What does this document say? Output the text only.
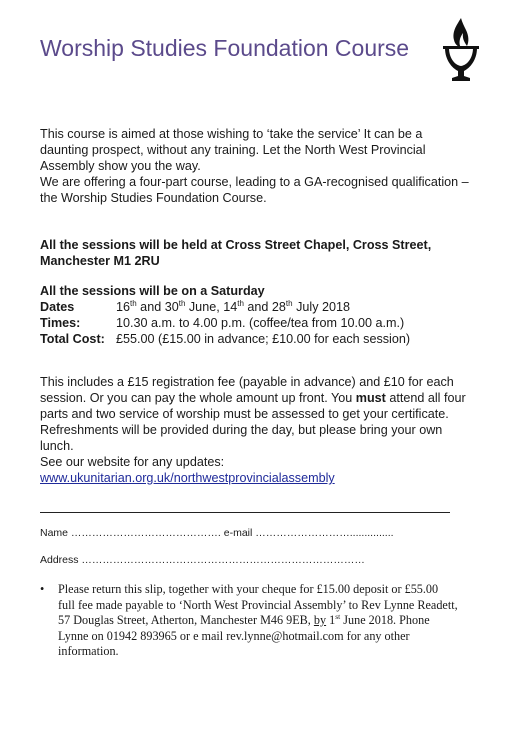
Worship Studies Foundation Course
This course is aimed at those wishing to ‘take the service’ It can be a daunting prospect, without any training. Let the North West Provincial Assembly show you the way.
We are offering a four-part course, leading to a GA-recognised qualification – the Worship Studies Foundation Course.
All the sessions will be held at Cross Street Chapel, Cross Street, Manchester M1 2RU
All the sessions will be on a Saturday
Dates	16th and 30th June, 14th and 28th July 2018
Times:	10.30 a.m. to 4.00 p.m. (coffee/tea from 10.00 a.m.)
Total Cost: £55.00 (£15.00 in advance; £10.00 for each session)
This includes a £15 registration fee (payable in advance) and £10 for each session. Or you can pay the whole amount up front. You must attend all four parts and two service of worship must be assessed to get your certificate. Refreshments will be provided during the day, but please bring your own lunch.
See our website for any updates:
www.ukunitarian.org.uk/northwestprovincialassembly
Name ……………………………………. e-mail ………………………...............
Address ………………………………………………………………………
• Please return this slip, together with your cheque for £15.00 deposit or £55.00 full fee made payable to ‘North West Provincial Assembly’ to Rev Lynne Readett, 57 Douglas Street, Atherton, Manchester M46 9EB, by 1st June 2018. Phone Lynne on 01942 893965 or e mail rev.lynne@hotmail.com for any other information.
